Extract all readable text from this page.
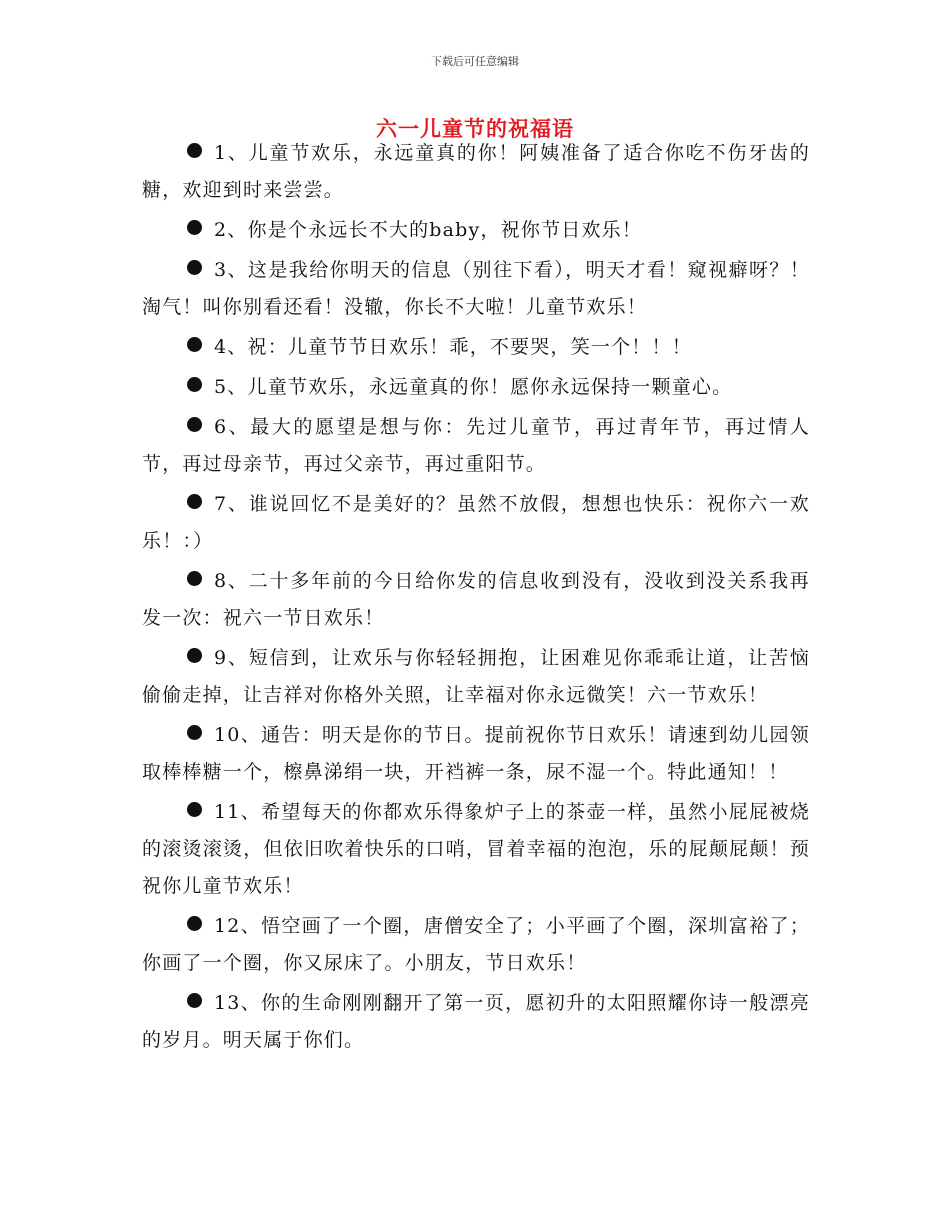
下载后可任意编辑
六一儿童节的祝福语

1、儿童节欢乐，永远童真的你！阿姨准备了适合你吃不伤牙齿的糖，欢迎到时来尝尝。

2、你是个永远长不大的baby，祝你节日欢乐！

3、这是我给你明天的信息（别往下看），明天才看！窥视癖呀？！淘气！叫你别看还看！没辙，你长不大啦！儿童节欢乐！

4、祝：儿童节节日欢乐！乖，不要哭，笑一个！！！

5、儿童节欢乐，永远童真的你！愿你永远保持一颗童心。

6、最大的愿望是想与你：先过儿童节，再过青年节，再过情人节，再过母亲节，再过父亲节，再过重阳节。

7、谁说回忆不是美好的？虽然不放假，想想也快乐：祝你六一欢乐！：）

8、二十多年前的今日给你发的信息收到没有，没收到没关系我再发一次：祝六一节日欢乐！

9、短信到，让欢乐与你轻轻拥抱，让困难见你乖乖让道，让苦恼偷偷走掉，让吉祥对你格外关照，让幸福对你永远微笑！六一节欢乐！

10、通告：明天是你的节日。提前祝你节日欢乐！请速到幼儿园领取棒棒糖一个，檫鼻涕绢一块，开裆裤一条，尿不湿一个。特此通知！！

11、希望每天的你都欢乐得象炉子上的茶壶一样，虽然小屁屁被烧的滚烫滚烫，但依旧吹着快乐的口哨，冒着幸福的泡泡，乐的屁颠屁颠！预祝你儿童节欢乐！

12、悟空画了一个圈，唐僧安全了；小平画了个圈，深圳富裕了；你画了一个圈，你又尿床了。小朋友，节日欢乐！

13、你的生命刚刚翻开了第一页，愿初升的太阳照耀你诗一般漂亮的岁月。明天属于你们。
